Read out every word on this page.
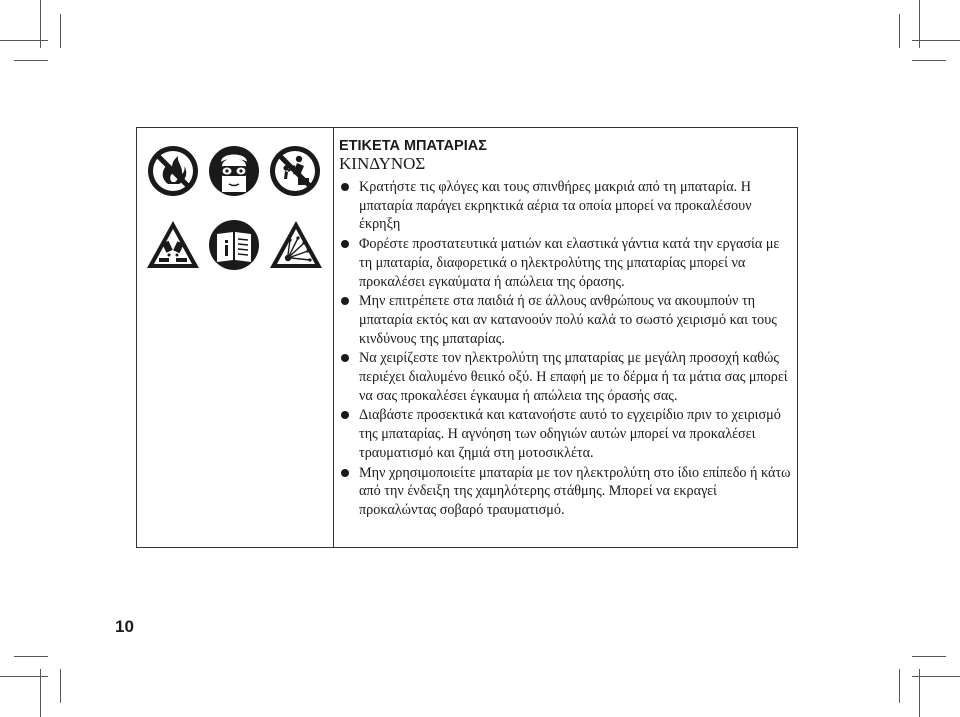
ΕΤΙΚΕΤΑ ΜΠΑΤΑΡΙΑΣ

ΚΙΝΔΥΝΟΣ

Κρατήστε τις φλόγες και τους σπινθήρες μακριά από τη μπαταρία. Η μπαταρία παράγει εκρηκτικά αέρια τα οποία μπορεί να προκαλέσουν έκρηξη
Φορέστε προστατευτικά ματιών και ελαστικά γάντια κατά την εργασία με τη μπαταρία, διαφορετικά ο ηλεκτρολύτης της μπαταρίας μπορεί να προκαλέσει εγκαύματα ή απώλεια της όρασης.
Μην επιτρέπετε στα παιδιά ή σε άλλους ανθρώπους να ακουμπούν τη μπαταρία εκτός και αν κατανοούν πολύ καλά το σωστό χειρισμό και τους κινδύνους της μπαταρίας.
Να χειρίζεστε τον ηλεκτρολύτη της μπαταρίας με μεγάλη προσοχή καθώς περιέχει διαλυμένο θειικό οξύ. Η επαφή με το δέρμα ή τα μάτια σας μπορεί να σας προκαλέσει έγκαυμα ή απώλεια της όρασής σας.
Διαβάστε προσεκτικά και κατανοήστε αυτό το εγχειρίδιο πριν το χειρισμό της μπαταρίας. Η αγνόηση των οδηγιών αυτών μπορεί να προκαλέσει τραυματισμό και ζημιά στη μοτοσικλέτα.
Μην χρησιμοποιείτε μπαταρία με τον ηλεκτρολύτη στο ίδιο επίπεδο ή κάτω από την ένδειξη της χαμηλότερης στάθμης. Μπορεί να εκραγεί προκαλώντας σοβαρό τραυματισμό.
10
